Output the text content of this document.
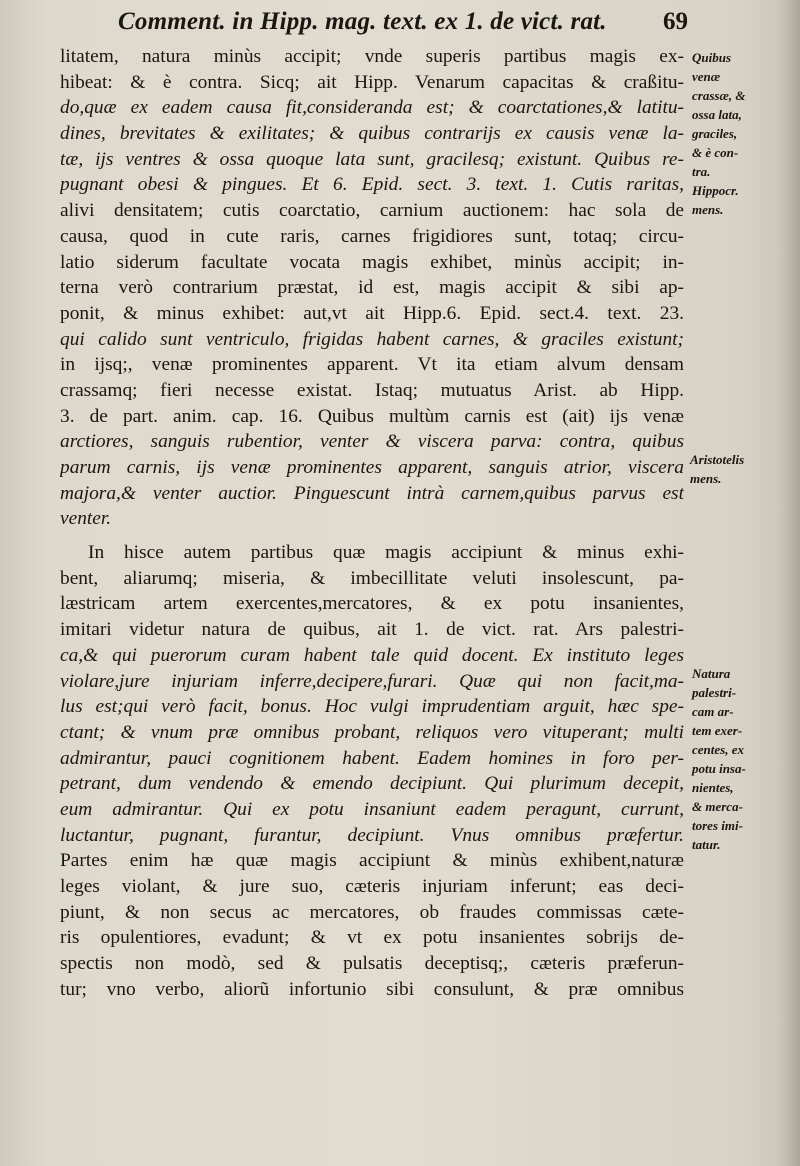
Comment. in Hipp. mag. text. ex 1. de vict. rat. 69
litatem, natura minùs accipit; vnde superis partibus magis ex-
hibeat: & è contra. Sicq; ait Hipp. Venarum capacitas & craßitu-
do,quæ ex eadem causa fit,consideranda est; & coarctationes,& latitu-
dines, brevitates & exilitates; & quibus contrarijs ex causis venæ la-
tæ, ijs ventres & ossa quoque lata sunt, gracilesq; existunt. Quibus re-
pugnant obesi & pingues. Et 6. Epid. sect. 3. text. 1. Cutis raritas,
alivi densitatem; cutis coarctatio, carnium auctionem: hac sola de
causa, quod in cute raris, carnes frigidiores sunt, totaq; circu-
latio siderum facultate vocata magis exhibet, minùs accipit; in-
terna verò contrarium præstat, id est, magis accipit & sibi ap-
ponit, & minus exhibet: aut,vt ait Hipp.6. Epid. sect.4. text. 23.
qui calido sunt ventriculo, frigidas habent carnes, & graciles existunt;
in ijsq;, venæ prominentes apparent. Vt ita etiam alvum densam
crassamq; fieri necesse existat. Istaq; mutuatus Arist. ab Hipp.
3. de part. anim. cap. 16. Quibus multùm carnis est (ait) ijs venæ
arctiores, sanguis rubentior, venter & viscera parva: contra, quibus
parum carnis, ijs venæ prominentes apparent, sanguis atrior, viscera
majora,& venter auctior. Pinguescunt intrà carnem,quibus parvus est
venter.
In hisce autem partibus quæ magis accipiunt & minus exhi-
bent, aliarumq; miseria, & imbecillitate veluti insolescunt, pa-
læstricam artem exercentes,mercatores, & ex potu insanientes,
imitari videtur natura de quibus, ait 1. de vict. rat. Ars palestri-
ca,& qui puerorum curam habent tale quid docent. Ex instituto leges
violare,jure injuriam inferre,decipere,furari. Quæ qui non facit,ma-
lus est;qui verò facit, bonus. Hoc vulgi imprudentiam arguit, hæc spe-
ctant; & vnum præ omnibus probant, reliquos vero vituperant; multi
admirantur, pauci cognitionem habent. Eadem homines in foro per-
petrant, dum vendendo & emendo decipiunt. Qui plurimum decepit,
eum admirantur. Qui ex potu insaniunt eadem peragunt, currunt,
luctantur, pugnant, furantur, decipiunt. Vnus omnibus præfertur.
Partes enim hæ quæ magis accipiunt & minùs exhibent,naturæ
leges violant, & jure suo, cæteris injuriam inferunt; eas deci-
piunt, & non secus ac mercatores, ob fraudes commissas cæte-
ris opulentiores, evadunt; & vt ex potu insanientes sobrijs de-
spectis non modò, sed & pulsatis deceptisq;, cæteris præferun-
tur; vno verbo, aliorũ infortunio sibi consulunt, & præ omnibus
Quibus
venæ
crassæ, &
ossa lata,
graciles,
& è con-
tra.
Hippocr.
mens.
Aristotelis
mens.
Natura
palestri-
cam ar-
tem exer-
centes, ex
potu insa-
nientes,
& merca-
tores imi-
tatur.
